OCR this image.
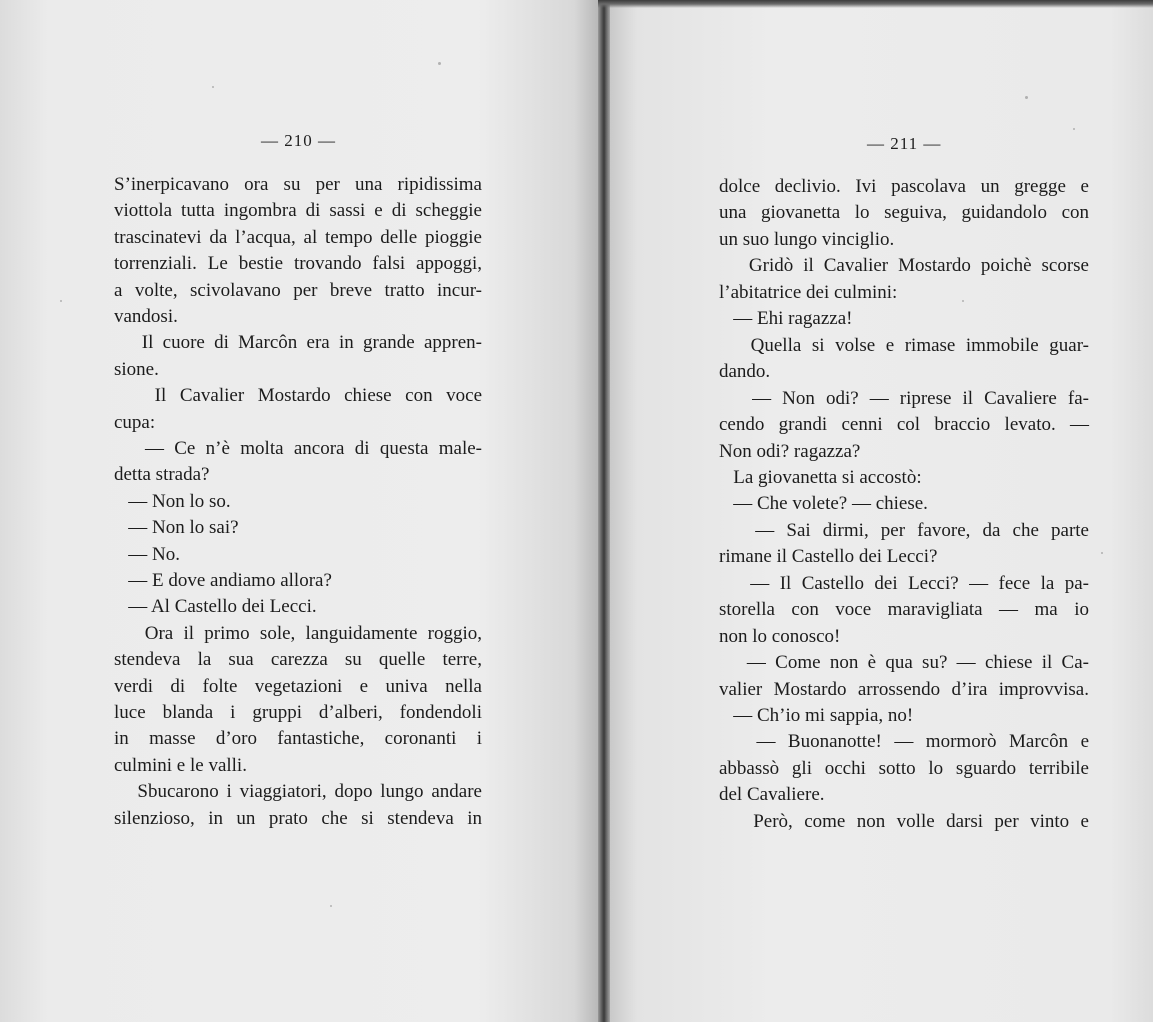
— 210 —	— 211 —
S’inerpicavano ora su per una ripidissima
viottola tutta ingombra di sassi e di scheggie
trascinatevi da l’acqua, al tempo delle pioggie
torrenziali. Le bestie trovando falsi appoggi,
a volte, scivolavano per breve tratto incur-
vandosi.
Il cuore di Marcôn era in grande appren-
sione.
Il Cavalier Mostardo chiese con voce
cupa:
— Ce n’è molta ancora di questa male-
detta strada?
— Non lo so.
— Non lo sai?
— No.
— E dove andiamo allora?
— Al Castello dei Lecci.
Ora il primo sole, languidamente roggio,
stendeva la sua carezza su quelle terre,
verdi di folte vegetazioni e univa nella
luce blanda i gruppi d’alberi, fondendoli
in masse d’oro fantastiche, coronanti i
culmini e le valli.
Sbucarono i viaggiatori, dopo lungo andare
silenzioso, in un prato che si stendeva in
dolce declivio. Ivi pascolava un gregge e
una giovanetta lo seguiva, guidandolo con
un suo lungo vinciglio.
Gridò il Cavalier Mostardo poichè scorse
l’abitatrice dei culmini:
— Ehi ragazza!
Quella si volse e rimase immobile guar-
dando.
— Non odi? — riprese il Cavaliere fa-
cendo grandi cenni col braccio levato. —
Non odi? ragazza?
La giovanetta si accostò:
— Che volete? — chiese.
— Sai dirmi, per favore, da che parte
rimane il Castello dei Lecci?
— Il Castello dei Lecci? — fece la pa-
storella con voce maravigliata — ma io
non lo conosco!
— Come non è qua su? — chiese il Ca-
valier Mostardo arrossendo d’ira improvvisa.
— Ch’io mi sappia, no!
— Buonanotte! — mormorò Marcôn e
abbassò gli occhi sotto lo sguardo terribile
del Cavaliere.
Però, come non volle darsi per vinto e
